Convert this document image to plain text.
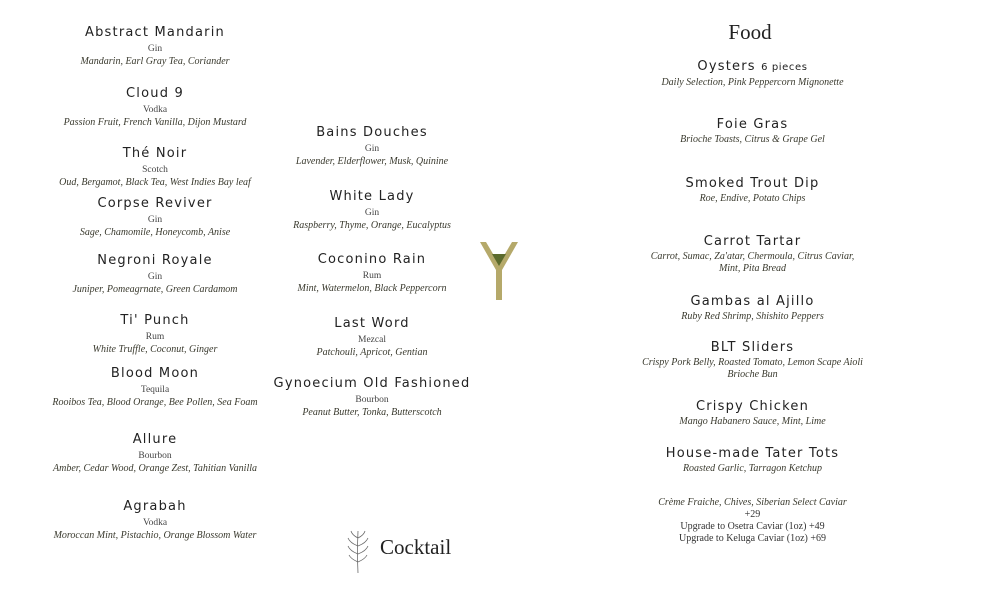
Abstract Mandarin
Gin
Mandarin, Earl Gray Tea, Coriander
Cloud 9
Vodka
Passion Fruit, French Vanilla, Dijon Mustard
Thé Noir
Scotch
Oud, Bergamot, Black Tea, West Indies Bay leaf
Corpse Reviver
Gin
Sage, Chamomile, Honeycomb, Anise
Negroni Royale
Gin
Juniper, Pomeagrnate, Green Cardamom
Ti' Punch
Rum
White Truffle, Coconut, Ginger
Blood Moon
Tequila
Rooibos Tea, Blood Orange, Bee Pollen, Sea Foam
Allure
Bourbon
Amber, Cedar Wood, Orange Zest, Tahitian Vanilla
Agrabah
Vodka
Moroccan Mint, Pistachio, Orange Blossom Water
Bains Douches
Gin
Lavender, Elderflower, Musk, Quinine
White Lady
Gin
Raspberry, Thyme, Orange, Eucalyptus
Coconino Rain
Rum
Mint, Watermelon, Black Peppercorn
Last Word
Mezcal
Patchouli, Apricot, Gentian
Gynoecium Old Fashioned
Bourbon
Peanut Butter, Tonka, Butterscotch
Food
Oysters 6 pieces
Daily Selection, Pink Peppercorn Mignonette
Foie Gras
Brioche Toasts, Citrus & Grape Gel
Smoked Trout Dip
Roe, Endive, Potato Chips
Carrot Tartar
Carrot, Sumac, Za'atar, Chermoula, Citrus Caviar,
Mint, Pita Bread
Gambas al Ajillo
Ruby Red Shrimp, Shishito Peppers
BLT Sliders
Crispy Pork Belly, Roasted Tomato, Lemon Scape Aioli
Brioche Bun
Crispy Chicken
Mango Habanero Sauce, Mint, Lime
House-made Tater Tots
Roasted Garlic, Tarragon Ketchup
Crème Fraiche, Chives, Siberian Select Caviar
+29
Upgrade to Osetra Caviar (1oz) +49
Upgrade to Keluga Caviar (1oz) +69
Cocktail
